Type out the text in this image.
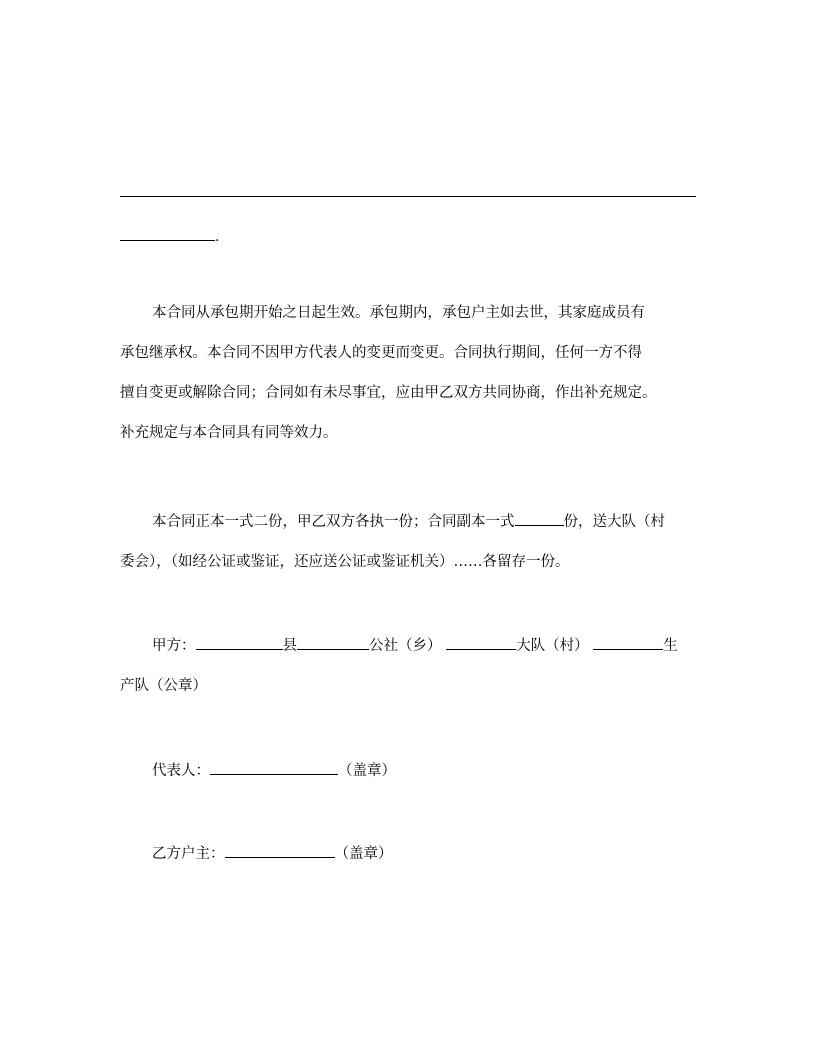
.
本合同从承包期开始之日起生效。承包期内，承包户主如去世，其家庭成员有
承包继承权。本合同不因甲方代表人的变更而变更。合同执行期间，任何一方不得
擅自变更或解除合同；合同如有未尽事宜，应由甲乙双方共同协商，作出补充规定。
补充规定与本合同具有同等效力。
本合同正本一式二份，甲乙双方各执一份；合同副本一式	份，送大队（村
委会），（如经公证或鉴证，还应送公证或鉴证机关）……各留存一份。
甲方：	县	公社（乡）	大队（村）	生
产队（公章）
代表人：	（盖章）
乙方户主：	（盖章）
